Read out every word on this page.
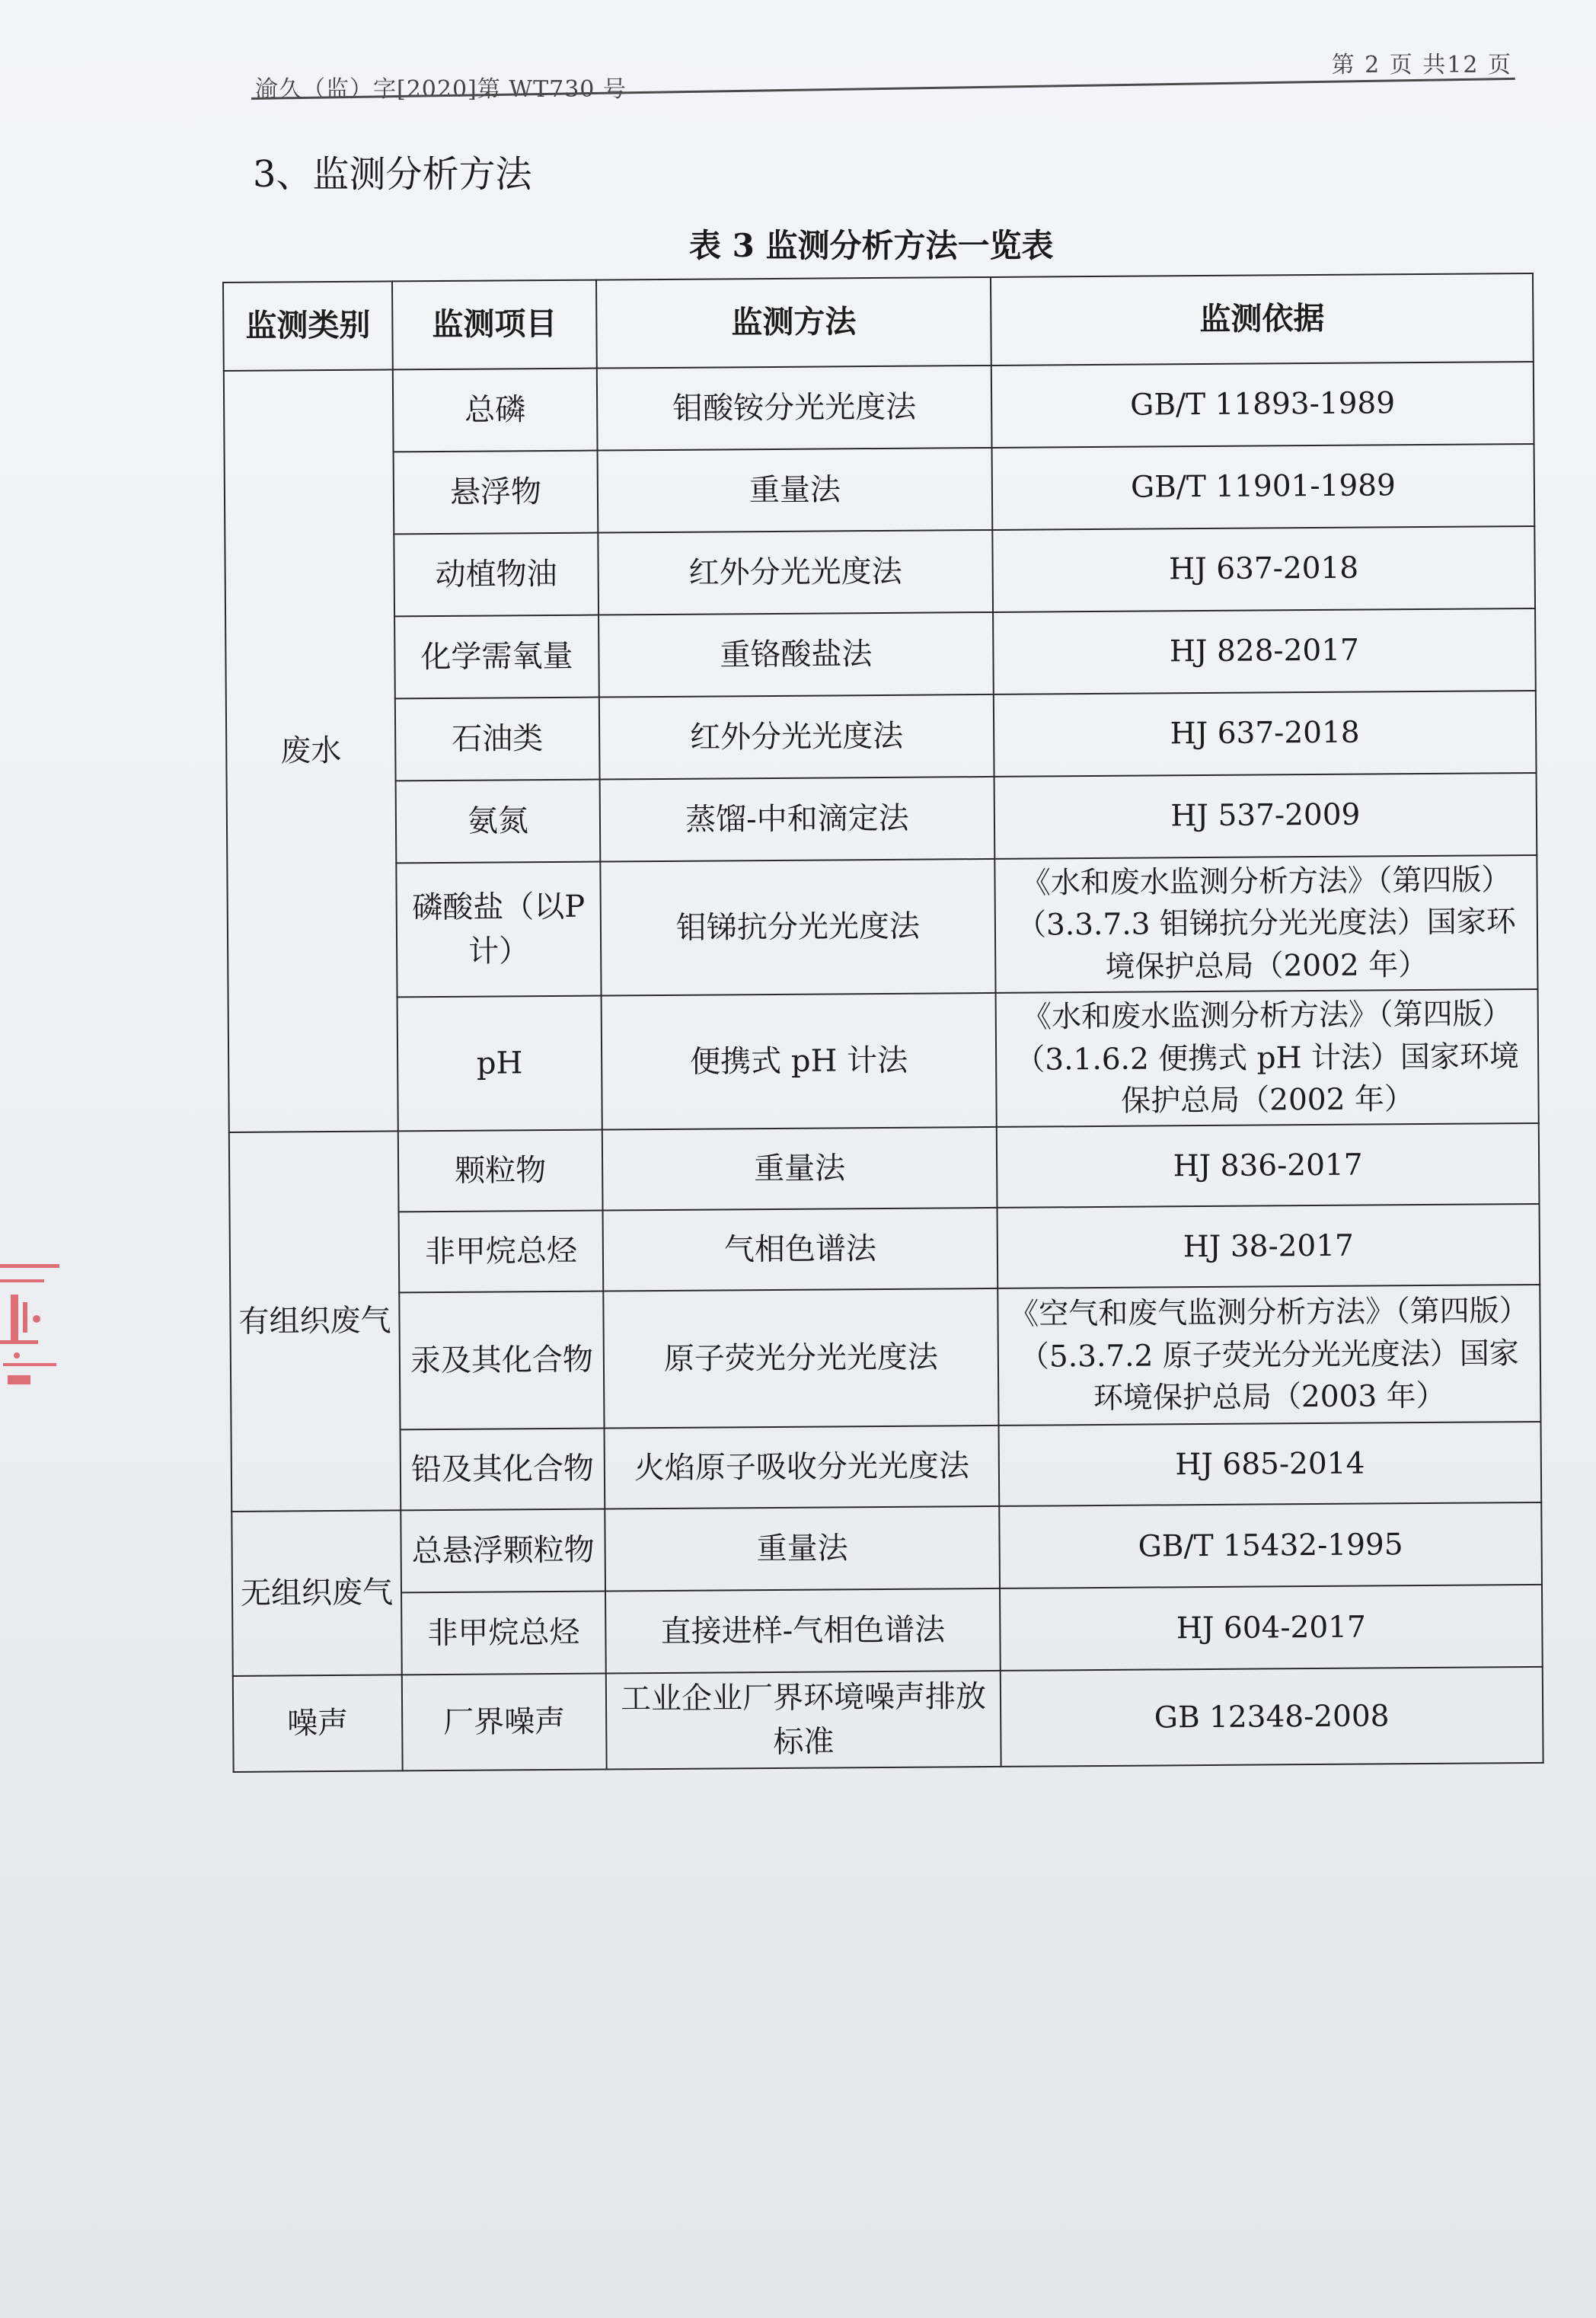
渝久（监）字[2020]第 WT730 号
第 2 页 共12 页
3、监测分析方法
表 3 监测分析方法一览表
监测类别	监测项目	监测方法	监测依据
废水	总磷	钼酸铵分光光度法	GB/T 11893-1989
	悬浮物	重量法	GB/T 11901-1989
	动植物油	红外分光光度法	HJ 637-2018
	化学需氧量	重铬酸盐法	HJ 828-2017
	石油类	红外分光光度法	HJ 637-2018
	氨氮	蒸馏-中和滴定法	HJ 537-2009
	磷酸盐（以P 计）	钼锑抗分光光度法	《水和废水监测分析方法》（第四版）（3.3.7.3 钼锑抗分光光度法）国家环境保护总局（2002 年）
	pH	便携式 pH 计法	《水和废水监测分析方法》（第四版）（3.1.6.2 便携式 pH 计法）国家环境保护总局（2002 年）
有组织废气	颗粒物	重量法	HJ 836-2017
	非甲烷总烃	气相色谱法	HJ 38-2017
	汞及其化合物	原子荧光分光光度法	《空气和废气监测分析方法》（第四版）（5.3.7.2 原子荧光分光光度法）国家环境保护总局（2003 年）
	铅及其化合物	火焰原子吸收分光光度法	HJ 685-2014
无组织废气	总悬浮颗粒物	重量法	GB/T 15432-1995
	非甲烷总烃	直接进样-气相色谱法	HJ 604-2017
噪声	厂界噪声	工业企业厂界环境噪声排放标准	GB 12348-2008
